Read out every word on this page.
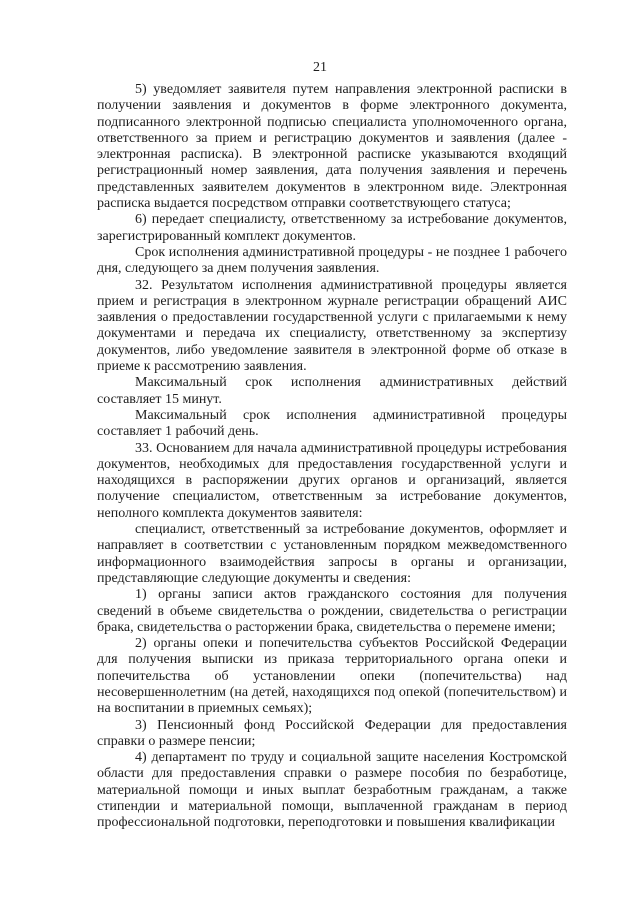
21

5) уведомляет заявителя путем направления электронной расписки в получении заявления и документов в форме электронного документа, подписанного электронной подписью специалиста уполномоченного органа, ответственного за прием и регистрацию документов и заявления (далее - электронная расписка). В электронной расписке указываются входящий регистрационный номер заявления, дата получения заявления и перечень представленных заявителем документов в электронном виде. Электронная расписка выдается посредством отправки соответствующего статуса;

6) передает специалисту, ответственному за истребование документов, зарегистрированный комплект документов.

Срок исполнения административной процедуры - не позднее 1 рабочего дня, следующего за днем получения заявления.

32. Результатом исполнения административной процедуры является прием и регистрация в электронном журнале регистрации обращений АИС заявления о предоставлении государственной услуги с прилагаемыми к нему документами и передача их специалисту, ответственному за экспертизу документов, либо уведомление заявителя в электронной форме об отказе в приеме к рассмотрению заявления.

Максимальный срок исполнения административных действий составляет 15 минут.

Максимальный срок исполнения административной процедуры составляет 1 рабочий день.

33. Основанием для начала административной процедуры истребования документов, необходимых для предоставления государственной услуги и находящихся в распоряжении других органов и организаций, является получение специалистом, ответственным за истребование документов, неполного комплекта документов заявителя:

специалист, ответственный за истребование документов, оформляет и направляет в соответствии с установленным порядком межведомственного информационного взаимодействия запросы в органы и организации, представляющие следующие документы и сведения:

1) органы записи актов гражданского состояния для получения сведений в объеме свидетельства о рождении, свидетельства о регистрации брака, свидетельства о расторжении брака, свидетельства о перемене имени;

2) органы опеки и попечительства субъектов Российской Федерации для получения выписки из приказа территориального органа опеки и попечительства об установлении опеки (попечительства) над несовершеннолетним (на детей, находящихся под опекой (попечительством) и на воспитании в приемных семьях);

3) Пенсионный фонд Российской Федерации для предоставления справки о размере пенсии;

4) департамент по труду и социальной защите населения Костромской области для предоставления справки о размере пособия по безработице, материальной помощи и иных выплат безработным гражданам, а также стипендии и материальной помощи, выплаченной гражданам в период профессиональной подготовки, переподготовки и повышения квалификации
